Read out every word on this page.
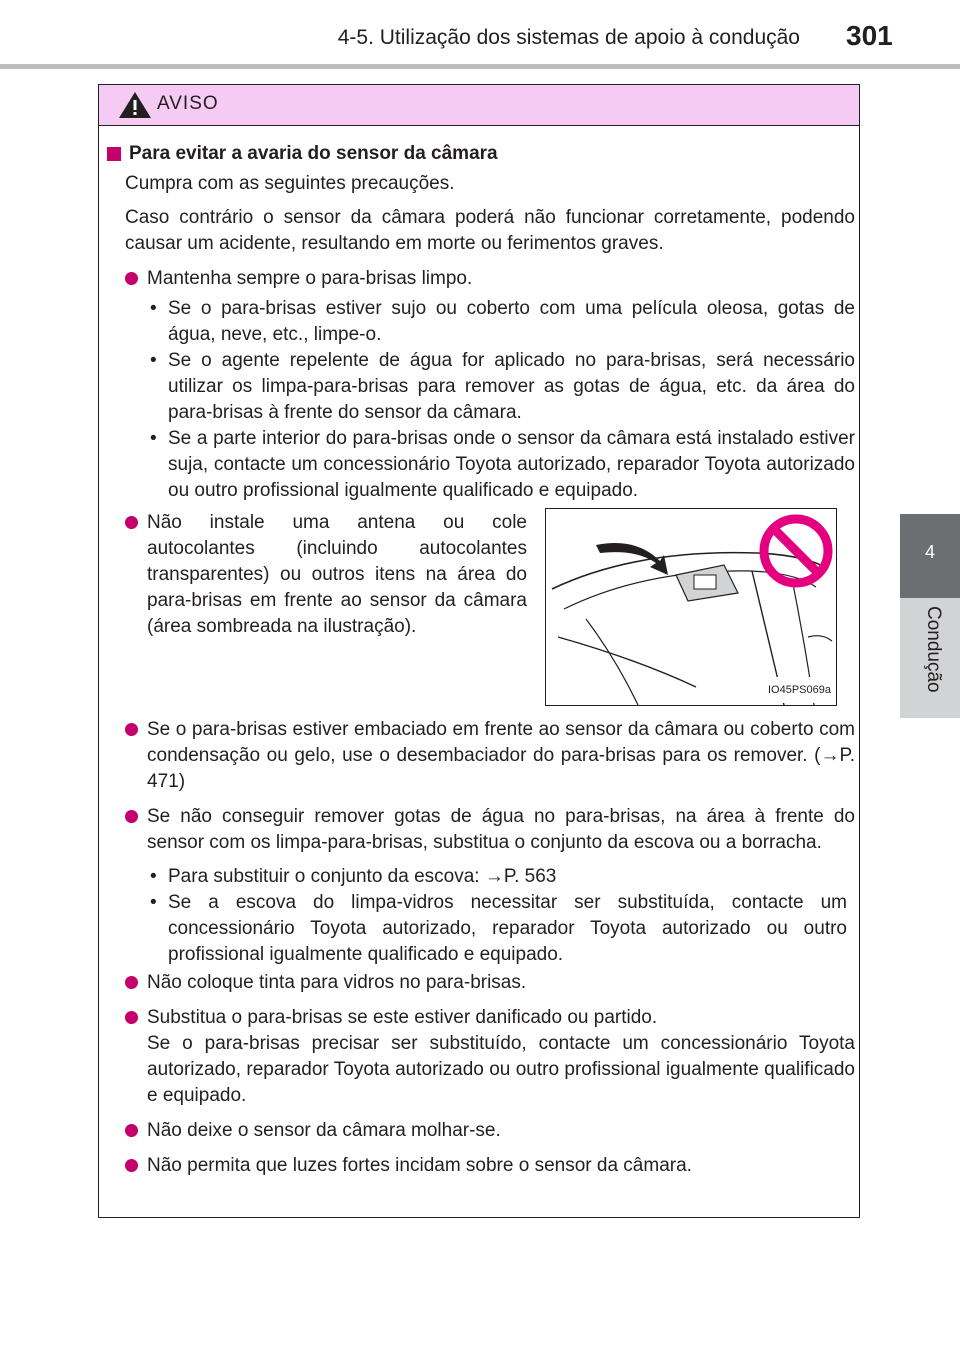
4-5. Utilização dos sistemas de apoio à condução 301
4
Condução
AVISO

Para evitar a avaria do sensor da câmara

Cumpra com as seguintes precauções.

Caso contrário o sensor da câmara poderá não funcionar corretamente, podendo causar um acidente, resultando em morte ou ferimentos graves.

Mantenha sempre o para-brisas limpo.
• Se o para-brisas estiver sujo ou coberto com uma película oleosa, gotas de água, neve, etc., limpe-o.
• Se o agente repelente de água for aplicado no para-brisas, será necessário utilizar os limpa-para-brisas para remover as gotas de água, etc. da área do para-brisas à frente do sensor da câmara.
• Se a parte interior do para-brisas onde o sensor da câmara está instalado estiver suja, contacte um concessionário Toyota autorizado, reparador Toyota autorizado ou outro profissional igualmente qualificado e equipado.
Não instale uma antena ou cole autocolantes (incluindo autocolantes transparentes) ou outros itens na área do para-brisas em frente ao sensor da câmara (área sombreada na ilustração).
IO45PS069a
Se o para-brisas estiver embaciado em frente ao sensor da câmara ou coberto com condensação ou gelo, use o desembaciador do para-brisas para os remover. (→P. 471)
Se não conseguir remover gotas de água no para-brisas, na área à frente do sensor com os limpa-para-brisas, substitua o conjunto da escova ou a borracha.
• Para substituir o conjunto da escova: →P. 563
• Se a escova do limpa-vidros necessitar ser substituída, contacte um concessionário Toyota autorizado, reparador Toyota autorizado ou outro profissional igualmente qualificado e equipado.
Não coloque tinta para vidros no para-brisas.
Substitua o para-brisas se este estiver danificado ou partido.

Se o para-brisas precisar ser substituído, contacte um concessionário Toyota autorizado, reparador Toyota autorizado ou outro profissional igualmente qualificado e equipado.

Não deixe o sensor da câmara molhar-se.
Não permita que luzes fortes incidam sobre o sensor da câmara.
